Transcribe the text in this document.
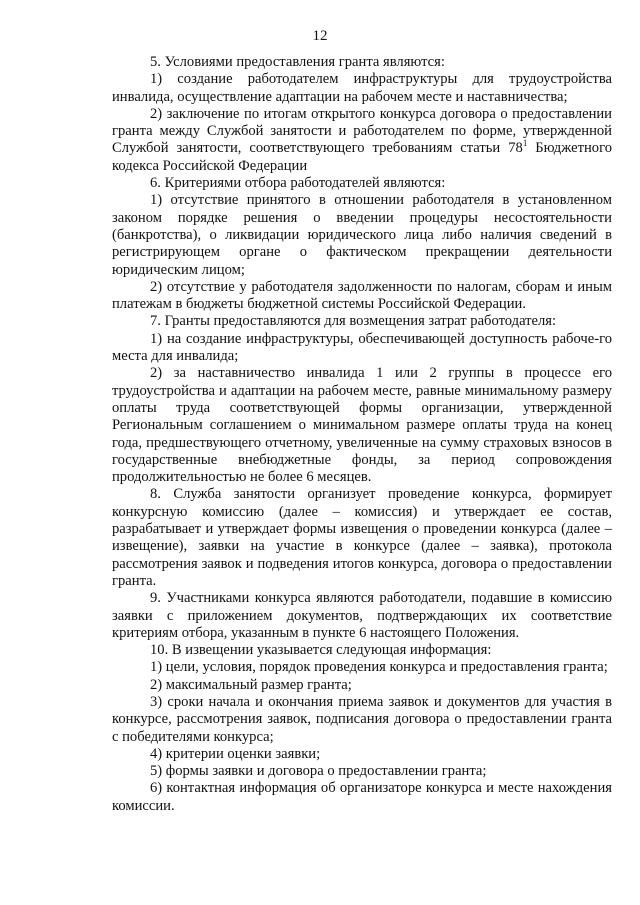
12

5. Условиями предоставления гранта являются:

1) создание работодателем инфраструктуры для трудоустройства инвалида, осуществление адаптации на рабочем месте и наставничества;

2) заключение по итогам открытого конкурса договора о предоставлении гранта между Службой занятости и работодателем по форме, утвержденной Службой занятости, соответствующего требованиям статьи $78^1$ Бюджетного кодекса Российской Федерации

6. Критериями отбора работодателей являются:

1) отсутствие принятого в отношении работодателя в установленном законом порядке решения о введении процедуры несостоятельности (банкротства), о ликвидации юридического лица либо наличия сведений в регистрирующем органе о фактическом прекращении деятельности юридическим лицом;

2) отсутствие у работодателя задолженности по налогам, сборам и иным платежам в бюджеты бюджетной системы Российской Федерации.

7. Гранты предоставляются для возмещения затрат работодателя:

1) на создание инфраструктуры, обеспечивающей доступность рабоче-го места для инвалида;

2) за наставничество инвалида 1 или 2 группы в процессе его трудоустройства и адаптации на рабочем месте, равные минимальному размеру оплаты труда соответствующей формы организации, утвержденной Региональным соглашением о минимальном размере оплаты труда на конец года, предшествующего отчетному, увеличенные на сумму страховых взносов в государственные внебюджетные фонды, за период сопровождения продолжительностью не более 6 месяцев.

8. Служба занятости организует проведение конкурса, формирует конкурсную комиссию (далее – комиссия) и утверждает ее состав, разрабатывает и утверждает формы извещения о проведении конкурса (далее – извещение), заявки на участие в конкурсе (далее – заявка), протокола рассмотрения заявок и подведения итогов конкурса, договора о предоставлении гранта.

9. Участниками конкурса являются работодатели, подавшие в комиссию заявки с приложением документов, подтверждающих их соответствие критериям отбора, указанным в пункте 6 настоящего Положения.

10. В извещении указывается следующая информация:

1) цели, условия, порядок проведения конкурса и предоставления гранта;

2) максимальный размер гранта;

3) сроки начала и окончания приема заявок и документов для участия в конкурсе, рассмотрения заявок, подписания договора о предоставлении гранта с победителями конкурса;

4) критерии оценки заявки;

5) формы заявки и договора о предоставлении гранта;

6) контактная информация об организаторе конкурса и месте нахождения комиссии.
